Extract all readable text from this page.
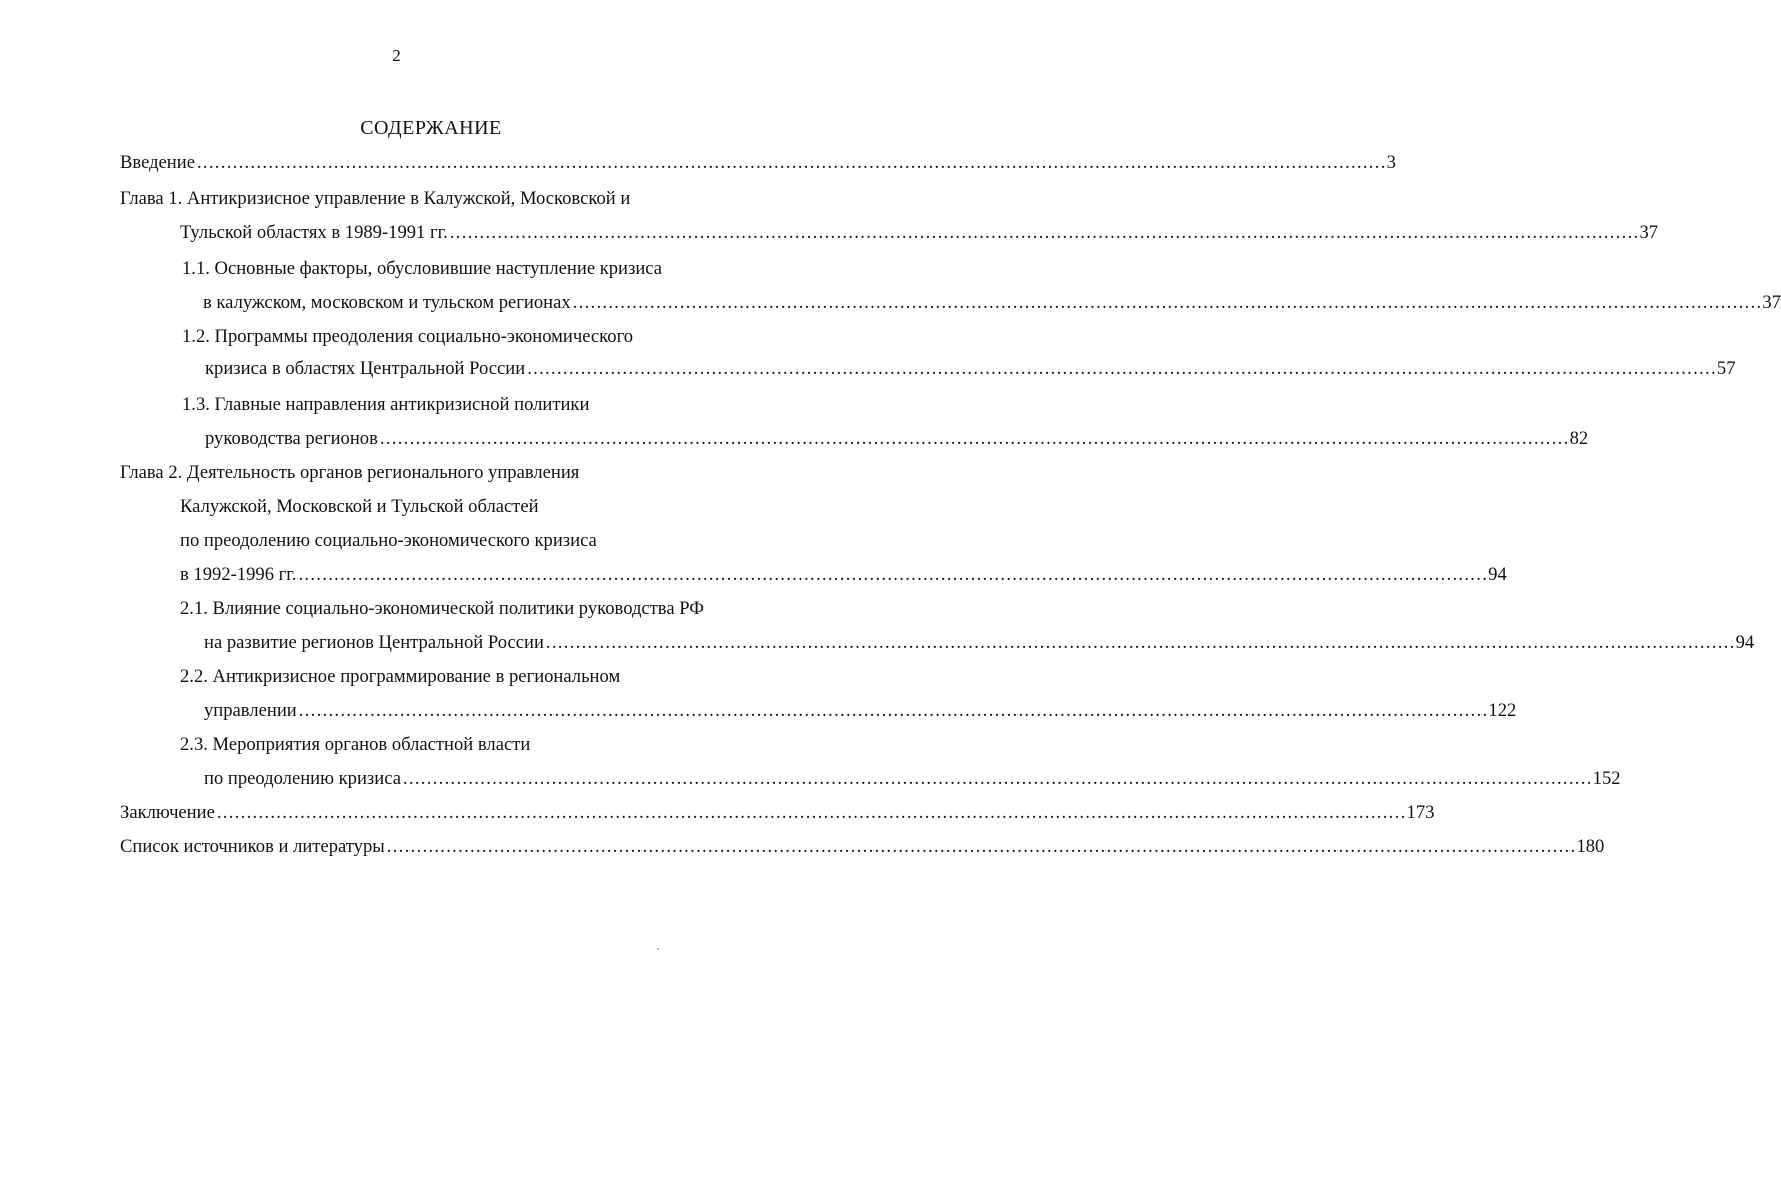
2
СОДЕРЖАНИЕ
Введение ........................................................................................................................................................................................................ 3
Глава 1. Антикризисное управление в Калужской, Московской и
Тульской областях в 1989-1991 гг. ........................................................................................................................................................................................................ 37
1.1. Основные факторы, обусловившие наступление кризиса
в калужском, московском и тульском регионах ........................................................................................................................................................................................................ 37
1.2. Программы преодоления социально-экономического
кризиса в областях Центральной России ........................................................................................................................................................................................................ 57
1.3. Главные направления антикризисной политики
руководства регионов ........................................................................................................................................................................................................ 82
Глава 2. Деятельность органов регионального управления
Калужской, Московской и Тульской областей
по преодолению социально-экономического кризиса
в 1992-1996 гг. ........................................................................................................................................................................................................ 94
2.1. Влияние социально-экономической политики руководства РФ
на развитие регионов Центральной России ........................................................................................................................................................................................................ 94
2.2. Антикризисное программирование в региональном
управлении ........................................................................................................................................................................................................ 122
2.3. Мероприятия органов областной власти
по преодолению кризиса ........................................................................................................................................................................................................ 152
Заключение ........................................................................................................................................................................................................ 173
Список источников и литературы ........................................................................................................................................................................................................ 180
